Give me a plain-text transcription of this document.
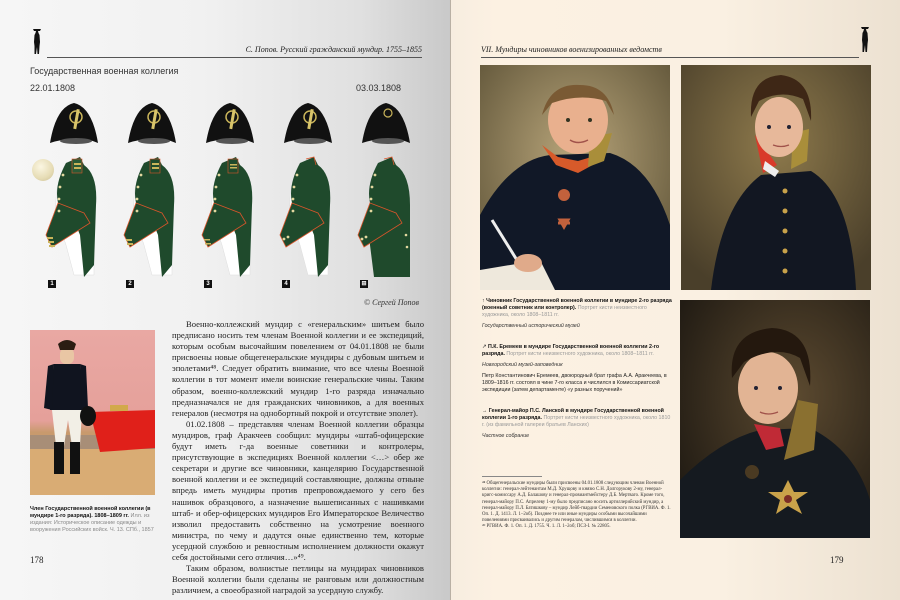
С. Попов. Русский гражданский мундир. 1755–1855
Государственная военная коллегия
22.01.1808	03.03.1808
1	2	3	4	⊞
© Сергей Попов
Член Государственной военной коллегии (в мундире 1-го разряда). 1808–1809 гг. Илл. из издания: Историческое описание одежды и вооружения Российских войск. Ч. 13. СПб., 1857

Военно-коллежский мундир с «генеральским» шитьем было предписано носить тем членам Военной коллегии и ее экспедиций, которым особым высочайшим повелением от 04.01.1808 не были присвоены новые общегенеральские мундиры с дубовым шитьем и эполетами⁴⁸. Следует обратить внимание, что все члены Военной коллегии в тот момент имели воинские генеральские чины. Таким образом, военно-коллежский мундир 1-го разряда изначально предназначался не для гражданских чиновников, а для военных генералов (несмотря на однобортный покрой и отсутствие эполет).

01.02.1808 – представляя членам Военной коллегии образцы мундиров, граф Аракчеев сообщил: мундиры «штаб-офицерские будут иметь г-да военные советники и контролеры, присутствующие в экспедициях Военной коллегии <…> обер же секретари и другие все чиновники, канцелярию Государственной военной коллегии и ее экспедиций составляющие, должны отныне впредь иметь мундиры против препровождаемого у сего без нашивок образцового, а назначение вышеписанных с нашивками штаб- и обер-офицерских мундиров Его Императорское Величество изволил предоставить собственно на усмотрение военного министра, по чему и дадутся оные единственно тем, которые усердной службою и ревностным исполнением должности окажут себя достойными сего отличия…»⁴⁹.

Таким образом, волнистые петлицы на мундирах чиновников Военной коллегии были сделаны не ранговым или должностным различием, а своеобразной наградой за усердную службу.

178
VII. Мундиры чиновников военизированных ведомств
↑ Чиновник Государственной военной коллегии в мундире 2-го разряда (военный советник или контролер). Портрет кисти неизвестного художника, около 1808–1811 гг.
Государственный исторический музей
↗ П.К. Еремеев в мундире Государственной военной коллегии 2-го разряда. Портрет кисти неизвестного художника, около 1808–1811 гг.
Новгородский музей-заповедник
Петр Константинович Еремеев, двоюродный брат графа А.А. Аракчеева, в 1809–1816 гг. состоял в чине 7-го класса и числился в Комиссариатской экспедиции (затем департаменте) «у разных поручений»
→ Генерал-майор П.С. Ланской в мундире Государственной военной коллегии 1-го разряда. Портрет кисти неизвестного художника, около 1810 г. (из фамильной галереи братьев Ланских)
Частное собрание
⁴⁸ Общегенеральские мундиры были присвоены 04.01.1808 следующим членам Военной коллегии: генерал-лейтенантам М.Д. Хрущову и князю С.Н. Долгорукову 2-му, генерал-кригс-комиссару А.Д. Балашову и генерал-провиантмейстеру Д.Б. Мертваго. Кроме того, генерал-майору П.С. Апрелеву 1-му было предписано носить артиллерийский мундир, а генерал-майору П.Л. Батишкову – мундир Лейб-гвардии Семеновского полка (РГВИА. Ф. 1. Оп. 1. Д. 1413. Л. 1–2об). Позднее те или иные мундиры особыми высочайшими повелениями присваивались и другим генералам, числившимся в коллегии.
⁴⁹ РГВИА. Ф. 1. Оп. 1. Д. 1755. Ч. 1. Л. 1–2об; ПСЗ-I. № 22805.
179
